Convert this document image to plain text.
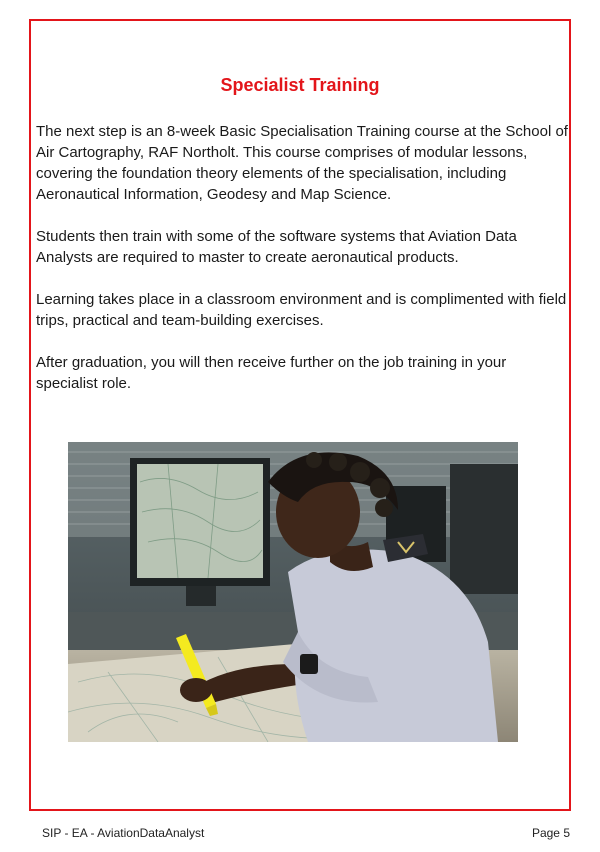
Specialist Training

The next step is an 8-week Basic Specialisation Training course at the School of Air Cartography, RAF Northolt. This course comprises of modular lessons, covering the foundation theory elements of the specialisation, including Aeronautical Information, Geodesy and Map Science.

Students then train with some of the software systems that Aviation Data Analysts are required to master to create aeronautical products.

Learning takes place in a classroom environment and is complimented with field trips, practical and team-building exercises.

After graduation, you will then receive further on the job training in your specialist role.

SIP - EA - AviationDataAnalyst	Page 5
